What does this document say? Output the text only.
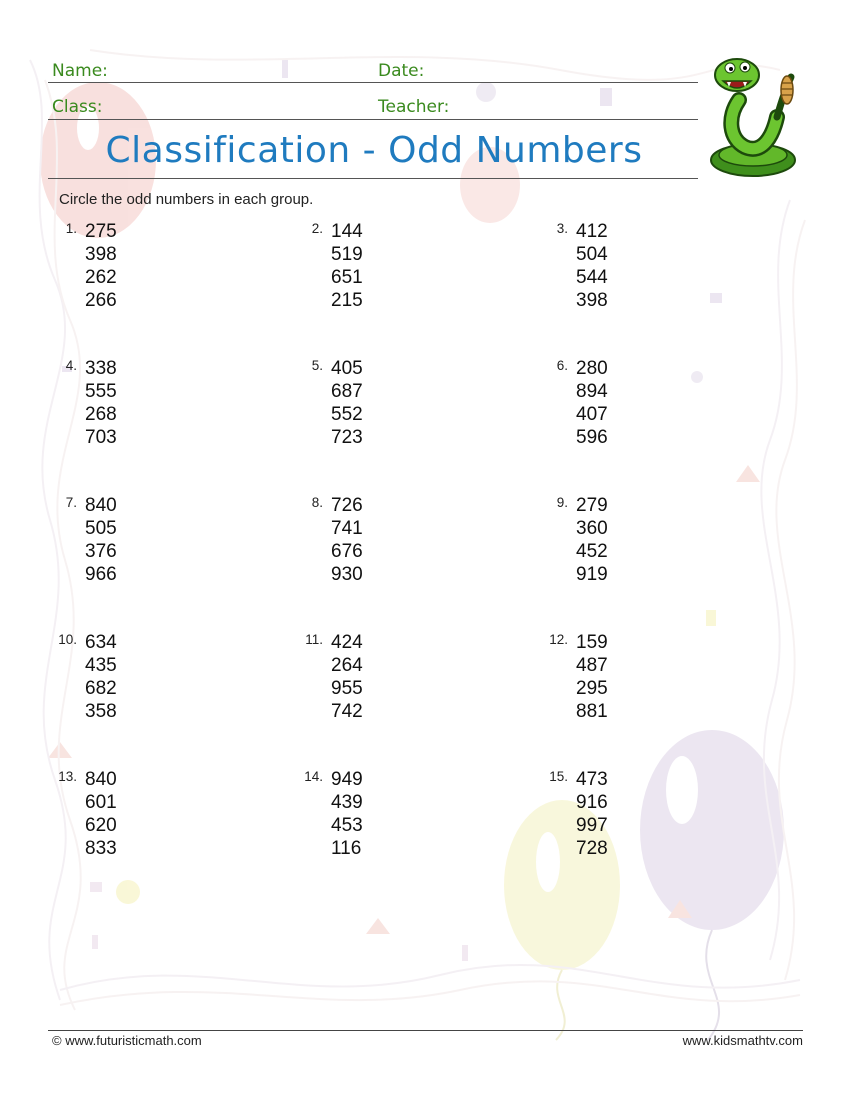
Name:	Date:
Class:	Teacher:
Classification - Odd Numbers
Circle the odd numbers in each group.
1. 275
398
262
266
2. 144
519
651
215
3. 412
504
544
398
4. 338
555
268
703
5. 405
687
552
723
6. 280
894
407
596
7. 840
505
376
966
8. 726
741
676
930
9. 279
360
452
919
10. 634
435
682
358
11. 424
264
955
742
12. 159
487
295
881
13. 840
601
620
833
14. 949
439
453
116
15. 473
916
997
728
© www.futuristicmath.com	www.kidsmathtv.com
